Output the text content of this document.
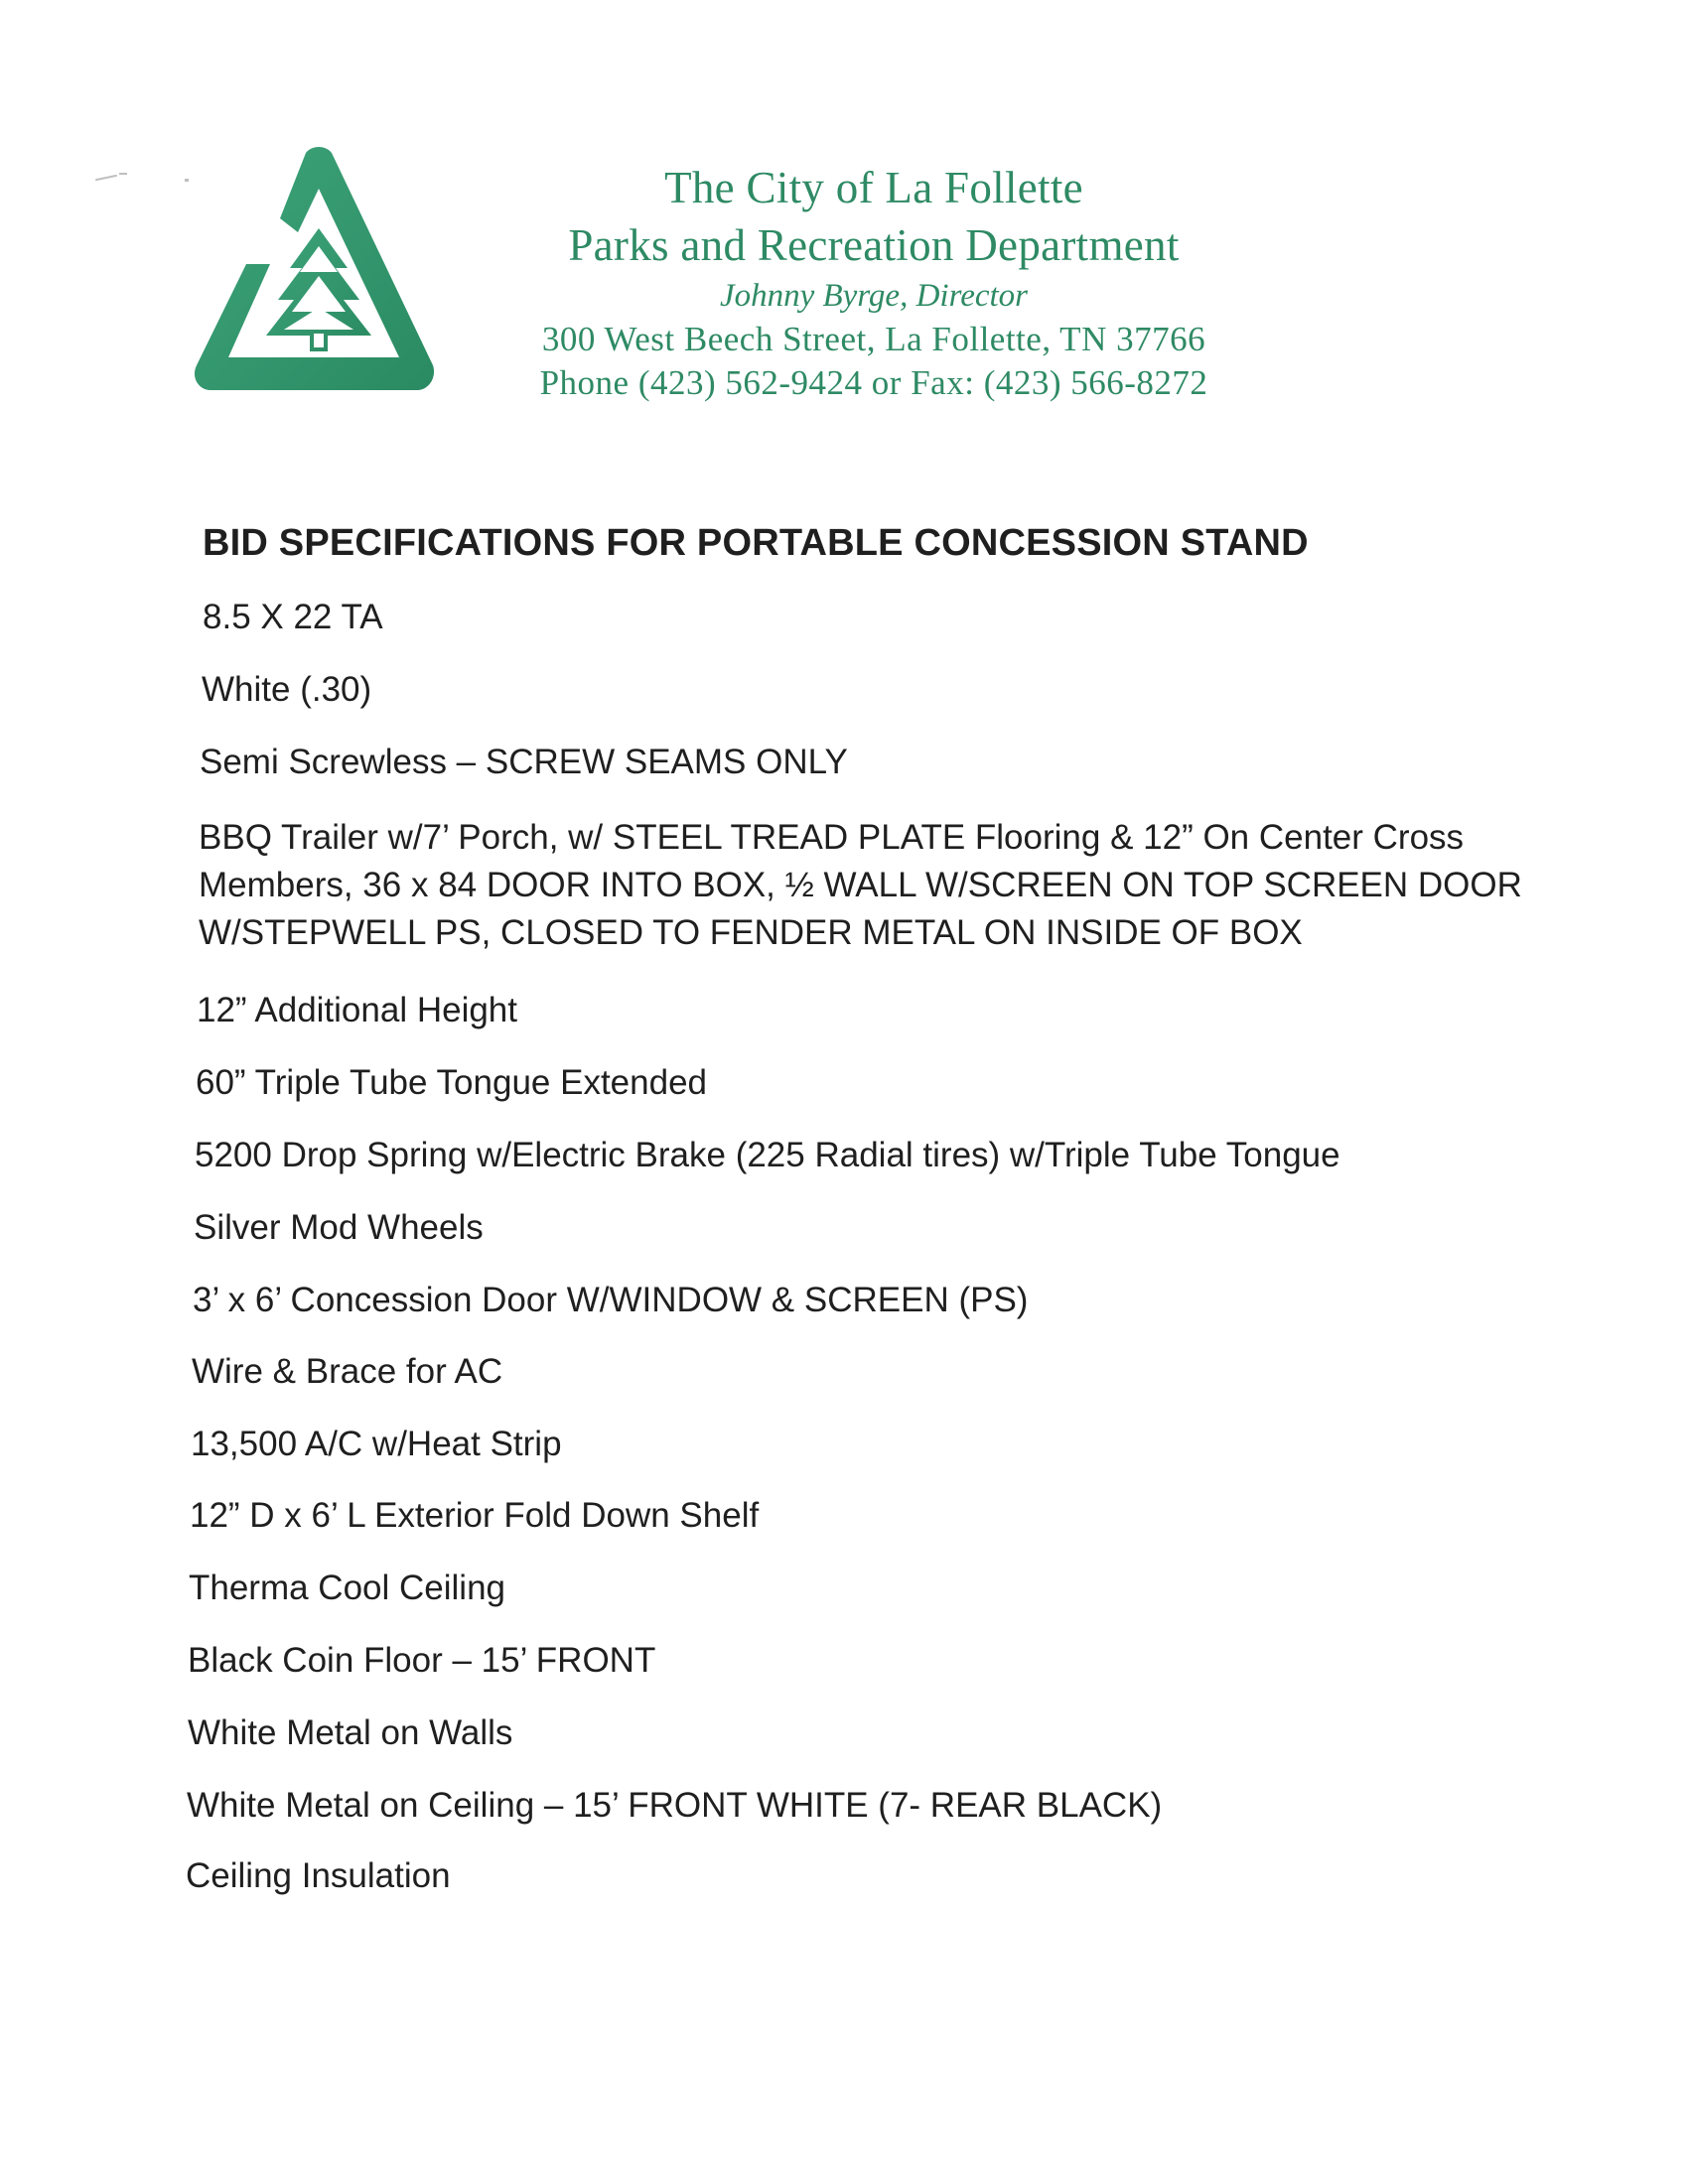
The City of La Follette
Parks and Recreation Department
Johnny Byrge, Director
300 West Beech Street, La Follette, TN 37766
Phone (423) 562-9424 or Fax: (423) 566-8272
BID SPECIFICATIONS FOR PORTABLE CONCESSION STAND
8.5 X 22 TA
White (.30)
Semi Screwless – SCREW SEAMS ONLY
BBQ Trailer w/7’ Porch, w/ STEEL TREAD PLATE Flooring & 12” On Center Cross
Members, 36 x 84 DOOR INTO BOX, ½ WALL W/SCREEN ON TOP SCREEN DOOR
W/STEPWELL PS, CLOSED TO FENDER METAL ON INSIDE OF BOX
12” Additional Height
60” Triple Tube Tongue Extended
5200 Drop Spring w/Electric Brake (225 Radial tires) w/Triple Tube Tongue
Silver Mod Wheels
3’ x 6’ Concession Door W/WINDOW & SCREEN (PS)
Wire & Brace for AC
13,500 A/C w/Heat Strip
12” D x 6’ L Exterior Fold Down Shelf
Therma Cool Ceiling
Black Coin Floor – 15’ FRONT
White Metal on Walls
White Metal on Ceiling – 15’ FRONT WHITE (7- REAR BLACK)
Ceiling Insulation
